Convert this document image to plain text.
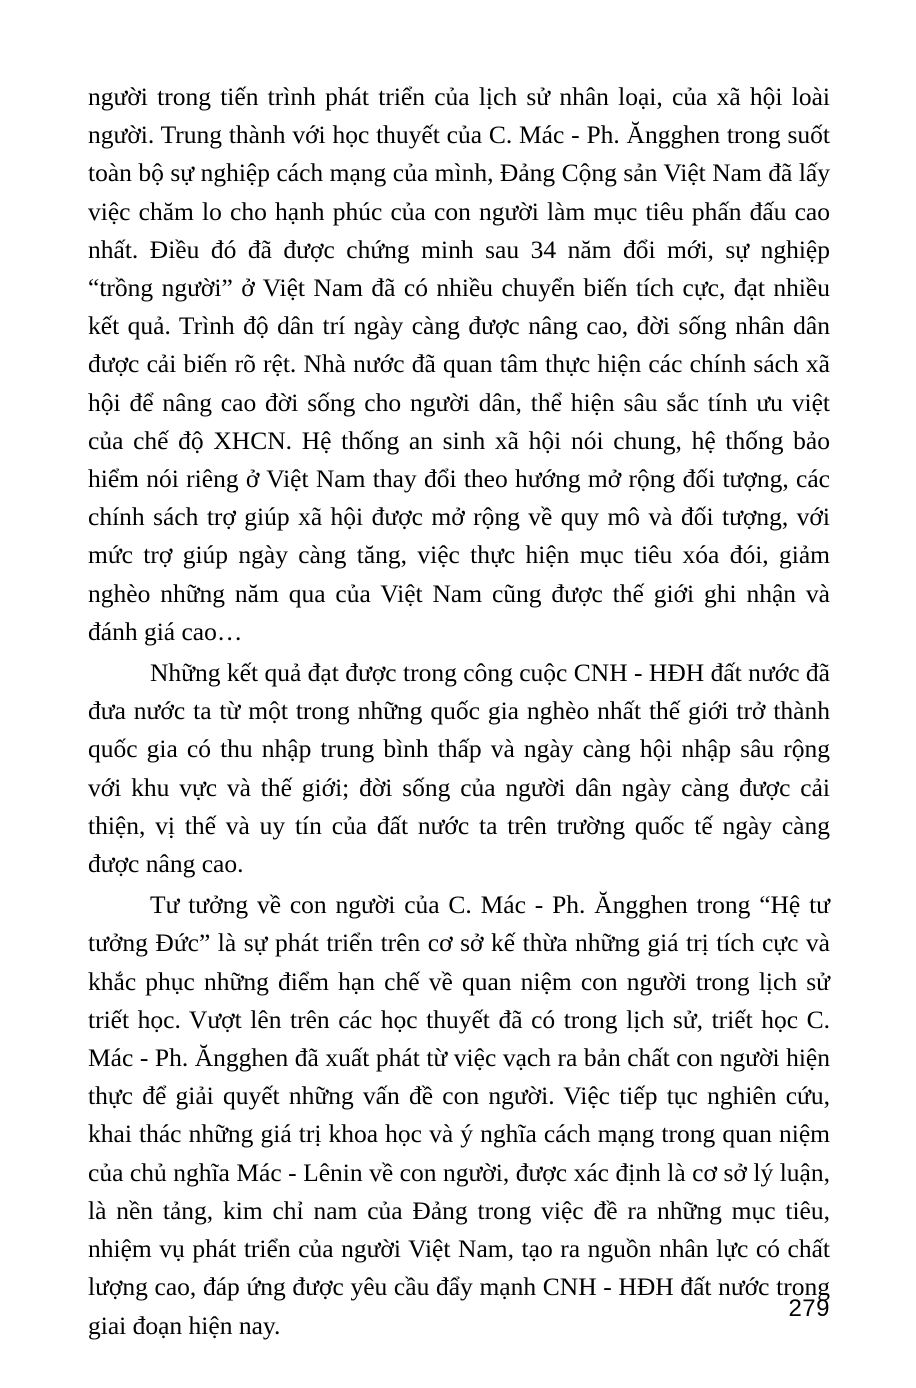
người trong tiến trình phát triển của lịch sử nhân loại, của xã hội loài người. Trung thành với học thuyết của C. Mác - Ph. Ăngghen trong suốt toàn bộ sự nghiệp cách mạng của mình, Đảng Cộng sản Việt Nam đã lấy việc chăm lo cho hạnh phúc của con người làm mục tiêu phấn đấu cao nhất. Điều đó đã được chứng minh sau 34 năm đổi mới, sự nghiệp “trồng người” ở Việt Nam đã có nhiều chuyển biến tích cực, đạt nhiều kết quả. Trình độ dân trí ngày càng được nâng cao, đời sống nhân dân được cải biến rõ rệt. Nhà nước đã quan tâm thực hiện các chính sách xã hội để nâng cao đời sống cho người dân, thể hiện sâu sắc tính ưu việt của chế độ XHCN. Hệ thống an sinh xã hội nói chung, hệ thống bảo hiểm nói riêng ở Việt Nam thay đổi theo hướng mở rộng đối tượng, các chính sách trợ giúp xã hội được mở rộng về quy mô và đối tượng, với mức trợ giúp ngày càng tăng, việc thực hiện mục tiêu xóa đói, giảm nghèo những năm qua của Việt Nam cũng được thế giới ghi nhận và đánh giá cao…

Những kết quả đạt được trong công cuộc CNH - HĐH đất nước đã đưa nước ta từ một trong những quốc gia nghèo nhất thế giới trở thành quốc gia có thu nhập trung bình thấp và ngày càng hội nhập sâu rộng với khu vực và thế giới; đời sống của người dân ngày càng được cải thiện, vị thế và uy tín của đất nước ta trên trường quốc tế ngày càng được nâng cao.

Tư tưởng về con người của C. Mác - Ph. Ăngghen trong “Hệ tư tưởng Đức” là sự phát triển trên cơ sở kế thừa những giá trị tích cực và khắc phục những điểm hạn chế về quan niệm con người trong lịch sử triết học. Vượt lên trên các học thuyết đã có trong lịch sử, triết học C. Mác - Ph. Ăngghen đã xuất phát từ việc vạch ra bản chất con người hiện thực để giải quyết những vấn đề con người. Việc tiếp tục nghiên cứu, khai thác những giá trị khoa học và ý nghĩa cách mạng trong quan niệm của chủ nghĩa Mác - Lênin về con người, được xác định là cơ sở lý luận, là nền tảng, kim chỉ nam của Đảng trong việc đề ra những mục tiêu, nhiệm vụ phát triển của người Việt Nam, tạo ra nguồn nhân lực có chất lượng cao, đáp ứng được yêu cầu đẩy mạnh CNH - HĐH đất nước trong giai đoạn hiện nay.

279
